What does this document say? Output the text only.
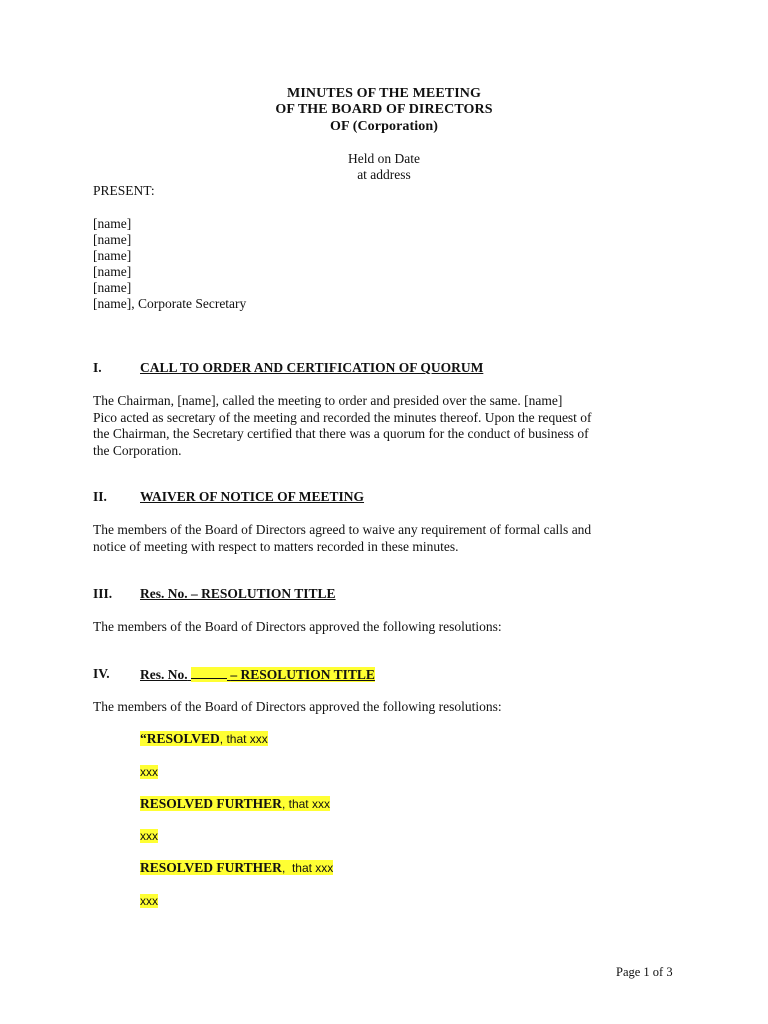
MINUTES OF THE MEETING
OF THE BOARD OF DIRECTORS
OF (Corporation)
Held on Date
at address
PRESENT:
[name]
[name]
[name]
[name]
[name]
[name], Corporate Secretary
I.	CALL TO ORDER AND CERTIFICATION OF QUORUM
The Chairman, [name], called the meeting to order and presided over the same. [name]
Pico acted as secretary of the meeting and recorded the minutes thereof. Upon the request of
the Chairman, the Secretary certified that there was a quorum for the conduct of business of
the Corporation.
II. WAIVER OF NOTICE OF MEETING
The members of the Board of Directors agreed to waive any requirement of formal calls and
notice of meeting with respect to matters recorded in these minutes.
III. Res. No. – RESOLUTION TITLE
The members of the Board of Directors approved the following resolutions:
IV. Res. No.	– RESOLUTION TITLE
The members of the Board of Directors approved the following resolutions:
“RESOLVED, that xxx
xxx
RESOLVED FURTHER, that xxx
xxx
RESOLVED FURTHER,  that xxx
xxx
Page 1 of 3
